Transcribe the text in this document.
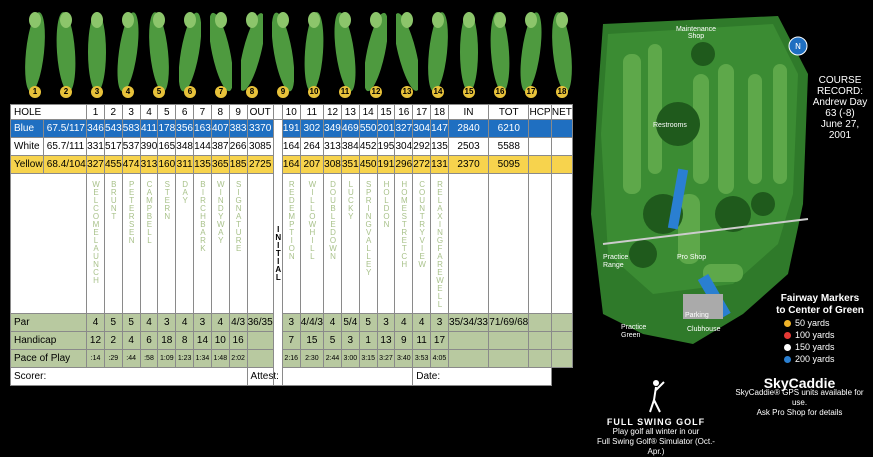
1	2	3	4	5	6	7	8	9	10	11	12	13	14	15	16	17	18
HOLE		1	2	3	4	5	6	7	8	9	OUT		10	11	12	13	14	15	16	17	18	IN	TOT	HCP	NET
Blue	67.5/117	346	543	583	411	178	356	163	407	383	3370	INITIAL	191	302	349	469	550	201	327	304	147	2840	6210		
White	65.7/111	331	517	537	390	165	348	144	387	266	3085		164	264	313	384	452	195	304	292	135	2503	5588		
Yellow	68.4/104	327	455	474	313	160	311	135	365	185	2725		164	207	308	351	450	191	296	272	131	2370	5095		

		WELCOMELAUNCH	BRUNT	PETERSEN	CAMPBELL	STERN	DAY	BIRCHBARK	WINDYWAY	SIGNATURE			REDEMPTION	WILLOWHILL	DOUBLEDOWN	LUCKY	SPRINGVALLEY	HOLDON	HOMESTRETCH	COUNTRYVIEW	RELAXINGFAREWELL				

Par		4	5	5	4	3	4	3	4	4/3	36/35		3	4/4/3	4	5/4	5	3	4	4	3	35/34/33	71/69/68		
Handicap		12	2	4	6	18	8	14	10	16			7	15	5	3	1	13	9	11	17				
Pace of Play		:14	:29	:44	:58	1:09	1:23	1:34	1:48	2:02			2:16	2:30	2:44	3:00	3:15	3:27	3:40	3:53	4:05				
Scorer:											Attest:									Date:					
© Golf ScoreCards, Inc. 4/26/08 1-800-238-7267
N
Maintenance Shop
Restrooms
Practice Range
Pro Shop
Parking
Clubhouse
Practice Green
COURSE RECORD:
Andrew Day
63 (-8)
June 27, 2001
Fairway Markers
to Center of Green
50 yards
100 yards
150 yards
200 yards
FULL SWING GOLF
Play golf all winter in our
Full Swing Golf® Simulator (Oct.-Apr.)
SkyCaddie
SkyCaddie® GPS units available for use.
Ask Pro Shop for details
